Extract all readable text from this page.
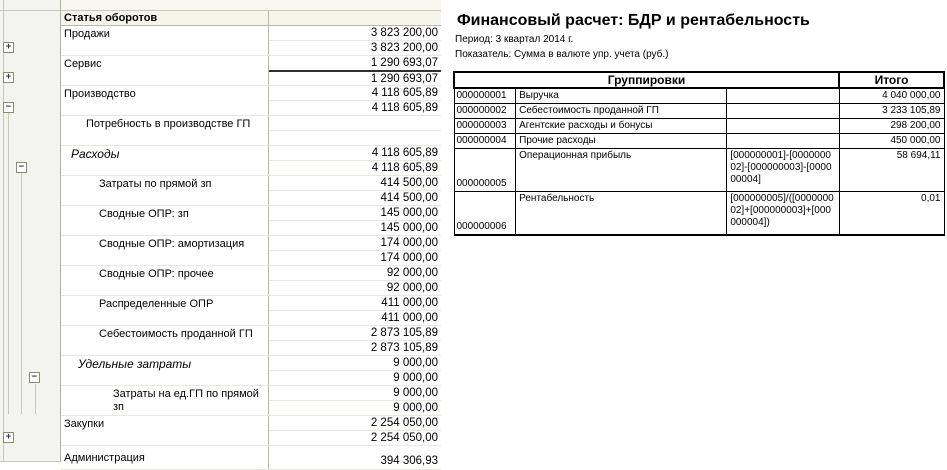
+
+
−
−
−
+
Статья оборотов
Продажи	3 823 200,00
3 823 200,00
Сервис	1 290 693,07
1 290 693,07
Производство	4 118 605,89
4 118 605,89
Потребность в производстве ГП
Расходы	4 118 605,89
4 118 605,89
Затраты по прямой зп	414 500,00
414 500,00
Сводные ОПР: зп	145 000,00
145 000,00
Сводные ОПР: амортизация	174 000,00
174 000,00
Сводные ОПР: прочее	92 000,00
92 000,00
Распределенные ОПР	411 000,00
411 000,00
Себестоимость проданной ГП	2 873 105,89
2 873 105,89
Удельные затраты	9 000,00
9 000,00
Затраты на ед.ГП по прямой зп
9 000,00
9 000,00
Закупки	2 254 050,00
2 254 050,00
Администрация	394 306,93
Финансовый расчет: БДР и рентабельность
Период: 3 квартал 2014 г.
Показатель: Сумма в валюте упр. учета (руб.)
Группировки			Итого
000000001	Выручка		4 040 000,00
000000002	Себестоимость проданной ГП		3 233 105,89
000000003	Агентские расходы и бонусы		298 200,00
000000004	Прочие расходы		450 000,00
000000005	Операционная прибыль	[000000001]-[000000002]-[000000003]-[000000004]	58 694,11
000000006	Рентабельность	[000000005]/([000000002]+[000000003]+[000000004])	0,01
